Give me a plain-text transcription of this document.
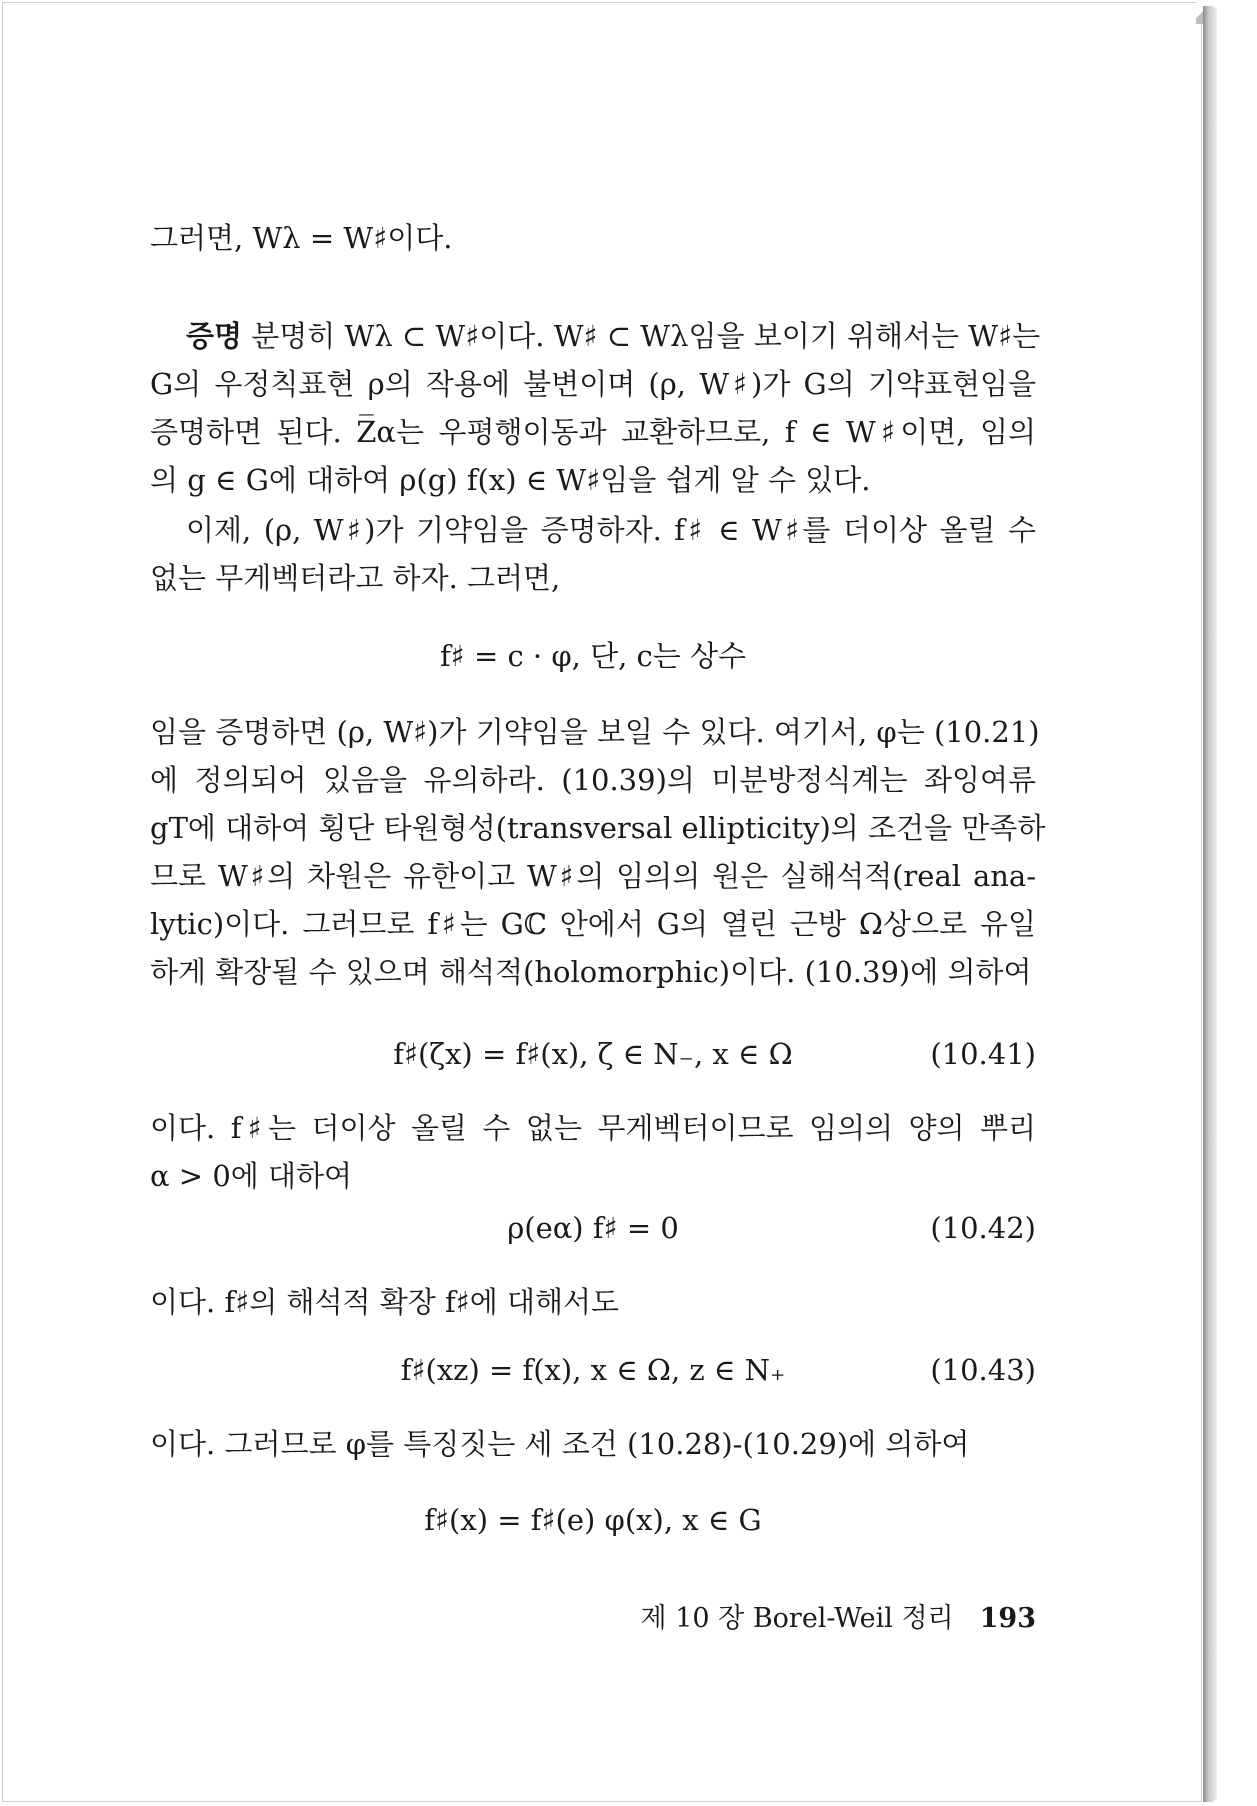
그러면, Wλ = W♯이다.
증명 분명히 Wλ ⊂ W♯이다. W♯ ⊂ Wλ임을 보이기 위해서는 W♯는
G의 우정칙표현 ρ의 작용에 불변이며 (ρ, W♯)가 G의 기약표현임을
증명하면 된다. Z̅α는 우평행이동과 교환하므로, f ∈ W♯이면, 임의
의 g ∈ G에 대하여 ρ(g) f(x) ∈ W♯임을 쉽게 알 수 있다.
이제, (ρ, W♯)가 기약임을 증명하자. f♯ ∈ W♯를 더이상 올릴 수
없는 무게벡터라고 하자. 그러면,
f♯ = c · φ, 단, c는 상수
임을 증명하면 (ρ, W♯)가 기약임을 보일 수 있다. 여기서, φ는 (10.21)
에 정의되어 있음을 유의하라. (10.39)의 미분방정식계는 좌잉여류
gT에 대하여 횡단 타원형성(transversal ellipticity)의 조건을 만족하
므로 W♯의 차원은 유한이고 W♯의 임의의 원은 실해석적(real ana-
lytic)이다. 그러므로 f♯는 Gℂ 안에서 G의 열린 근방 Ω상으로 유일
하게 확장될 수 있으며 해석적(holomorphic)이다. (10.39)에 의하여
f♯(ζx) = f♯(x), ζ ∈ N₋, x ∈ Ω	(10.41)
이다. f♯는 더이상 올릴 수 없는 무게벡터이므로 임의의 양의 뿌리
α > 0에 대하여
ρ(eα) f♯ = 0	(10.42)
이다. f♯의 해석적 확장 f♯에 대해서도
f♯(xz) = f(x), x ∈ Ω, z ∈ N₊	(10.43)
이다. 그러므로 φ를 특징짓는 세 조건 (10.28)-(10.29)에 의하여
f♯(x) = f♯(e) φ(x), x ∈ G
제 10 장 Borel-Weil 정리 193
